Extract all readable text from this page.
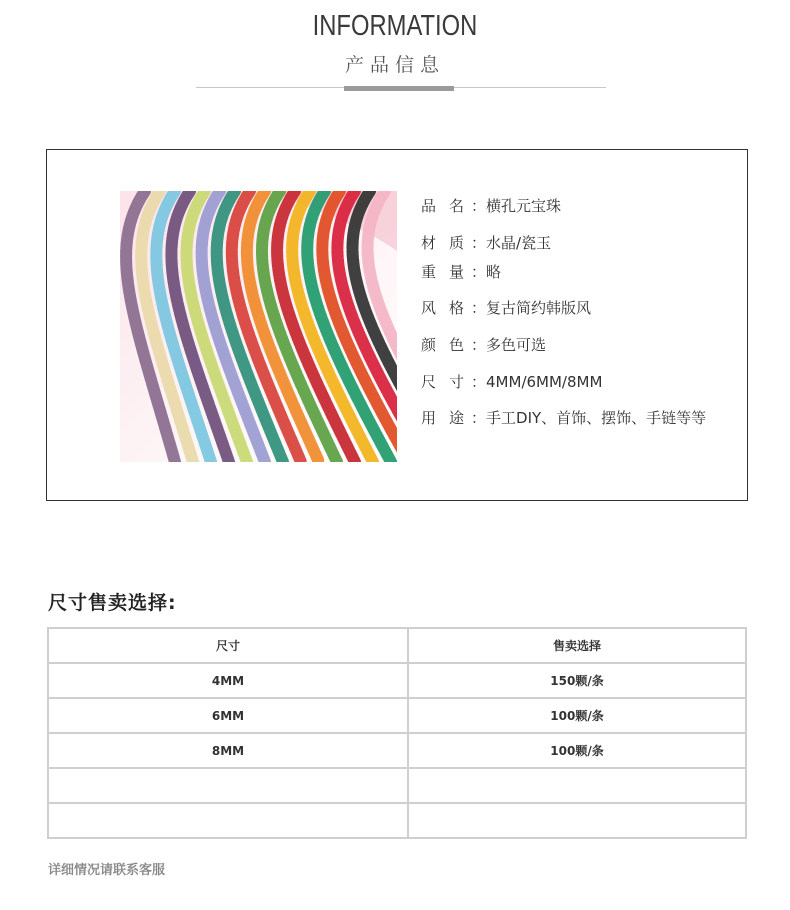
INFORMATION
产品信息
品名：横孔元宝珠
材质：水晶/瓷玉
重量：略
风格：复古简约韩版风
颜色：多色可选
尺寸：4MM/6MM/8MM
用途：手工DIY、首饰、摆饰、手链等等
尺寸售卖选择:
尺寸	售卖选择
4MM	150颗/条
6MM	100颗/条
8MM	100颗/条

详细情况请联系客服
